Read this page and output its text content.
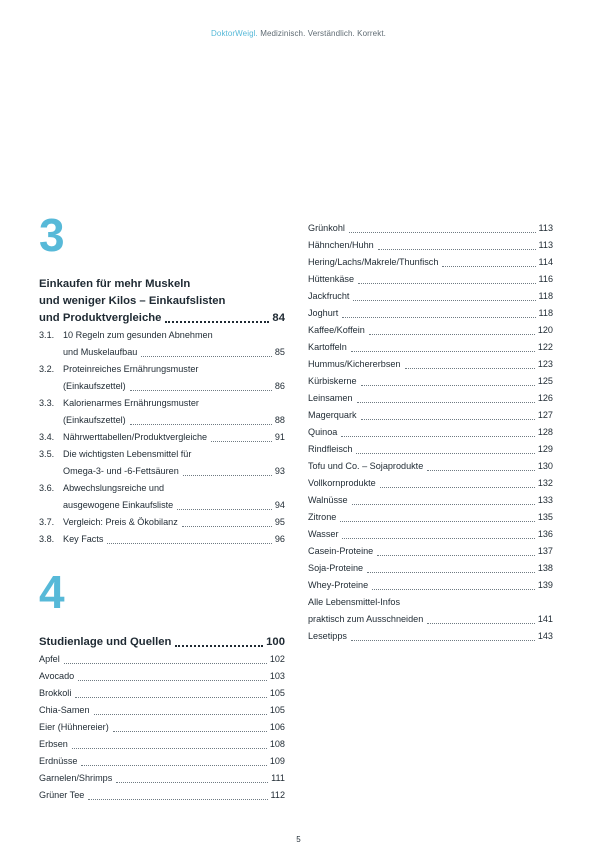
DoktorWeigl. Medizinisch. Verständlich. Korrekt.
3
Einkaufen für mehr Muskeln
und weniger Kilos – Einkaufslisten
und Produktvergleiche	84
3.1. 10 Regeln zum gesunden Abnehmen
und Muskelaufbau	85
3.2. Proteinreiches Ernährungsmuster
(Einkaufszettel)	86
3.3. Kalorienarmes Ernährungsmuster
(Einkaufszettel)	88
3.4. Nährwerttabellen/Produktvergleiche	91
3.5. Die wichtigsten Lebensmittel für
Omega-3- und -6-Fettsäuren	93
3.6. Abwechslungsreiche und
ausgewogene Einkaufsliste	94
3.7. Vergleich: Preis & Ökobilanz	95
3.8. Key Facts	96
4
Studienlage und Quellen	100
Apfel	102
Avocado	103
Brokkoli	105
Chia-Samen	105
Eier (Hühnereier)	106
Erbsen	108
Erdnüsse	109
Garnelen/Shrimps	111
Grüner Tee	112
Grünkohl	113
Hähnchen/Huhn	113
Hering/Lachs/Makrele/Thunfisch	114
Hüttenkäse	116
Jackfrucht	118
Joghurt	118
Kaffee/Koffein	120
Kartoffeln	122
Hummus/Kichererbsen	123
Kürbiskerne	125
Leinsamen	126
Magerquark	127
Quinoa	128
Rindfleisch	129
Tofu und Co. – Sojaprodukte	130
Vollkornprodukte	132
Walnüsse	133
Zitrone	135
Wasser	136
Casein-Proteine	137
Soja-Proteine	138
Whey-Proteine	139
Alle Lebensmittel-Infos
praktisch zum Ausschneiden	141
Lesetipps	143
5
